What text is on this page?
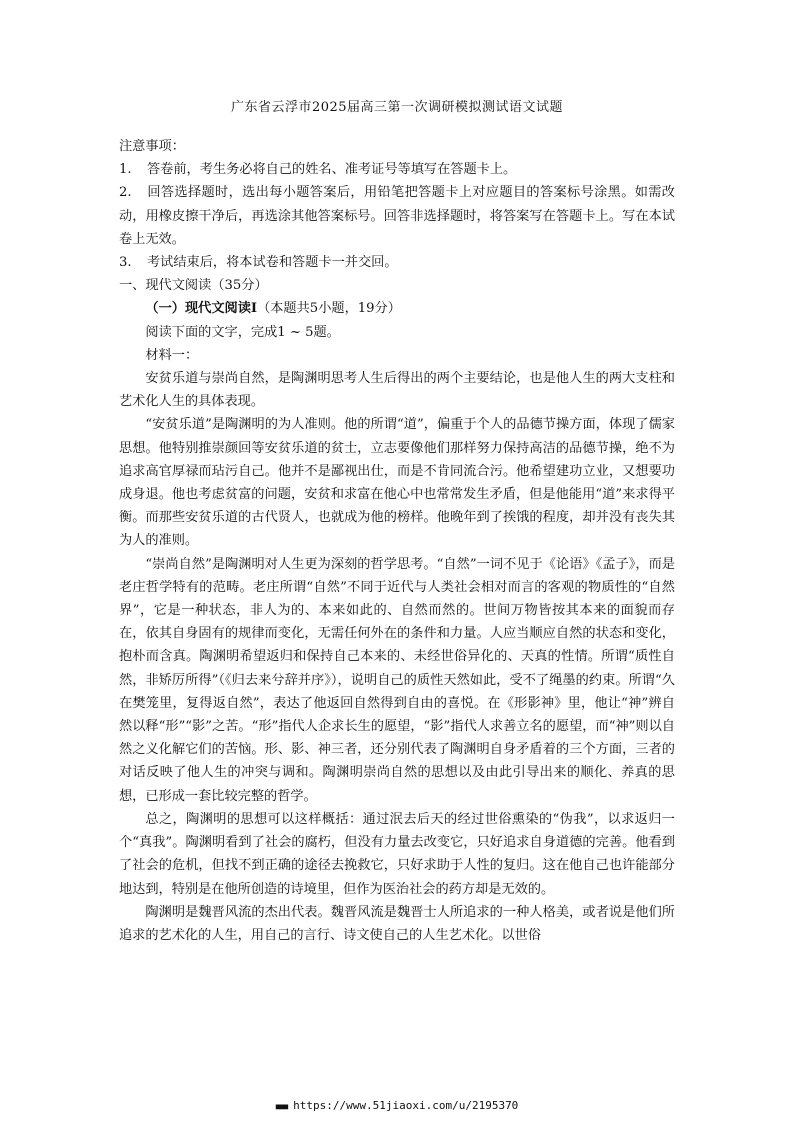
广东省云浮市2025届高三第一次调研模拟测试语文试题

注意事项：

1. 答卷前，考生务必将自己的姓名、准考证号等填写在答题卡上。

2. 回答选择题时，选出每小题答案后，用铅笔把答题卡上对应题目的答案标号涂黑。如需改动，用橡皮擦干净后，再选涂其他答案标号。回答非选择题时，将答案写在答题卡上。写在本试卷上无效。

3. 考试结束后，将本试卷和答题卡一并交回。

一、现代文阅读（35分）

（一）现代文阅读Ⅰ（本题共5小题，19分）

阅读下面的文字，完成1 ~ 5题。

材料一：

安贫乐道与崇尚自然，是陶渊明思考人生后得出的两个主要结论，也是他人生的两大支柱和艺术化人生的具体表现。

“安贫乐道”是陶渊明的为人准则。他的所谓“道”，偏重于个人的品德节操方面，体现了儒家思想。他特别推崇颜回等安贫乐道的贫士，立志要像他们那样努力保持高洁的品德节操，绝不为追求高官厚禄而玷污自己。他并不是鄙视出仕，而是不肯同流合污。他希望建功立业，又想要功成身退。他也考虑贫富的问题，安贫和求富在他心中也常常发生矛盾，但是他能用“道”来求得平衡。而那些安贫乐道的古代贤人，也就成为他的榜样。他晚年到了挨饿的程度，却并没有丧失其为人的准则。

“崇尚自然”是陶渊明对人生更为深刻的哲学思考。“自然”一词不见于《论语》《孟子》，而是老庄哲学特有的范畴。老庄所谓“自然”不同于近代与人类社会相对而言的客观的物质性的“自然界”，它是一种状态，非人为的、本来如此的、自然而然的。世间万物皆按其本来的面貌而存在，依其自身固有的规律而变化，无需任何外在的条件和力量。人应当顺应自然的状态和变化，抱朴而含真。陶渊明希望返归和保持自己本来的、未经世俗异化的、天真的性情。所谓“质性自然，非矫厉所得”（《归去来兮辞并序》），说明自己的质性天然如此，受不了绳墨的约束。所谓“久在樊笼里，复得返自然”，表达了他返回自然得到自由的喜悦。在《形影神》里，他让“神”辨自然以释“形”“影”之苦。“形”指代人企求长生的愿望，“影”指代人求善立名的愿望，而“神”则以自然之义化解它们的苦恼。形、影、神三者，还分别代表了陶渊明自身矛盾着的三个方面，三者的对话反映了他人生的冲突与调和。陶渊明崇尚自然的思想以及由此引导出来的顺化、养真的思想，已形成一套比较完整的哲学。

总之，陶渊明的思想可以这样概括：通过泯去后天的经过世俗熏染的“伪我”，以求返归一个“真我”。陶渊明看到了社会的腐朽，但没有力量去改变它，只好追求自身道德的完善。他看到了社会的危机，但找不到正确的途径去挽救它，只好求助于人性的复归。这在他自己也许能部分地达到，特别是在他所创造的诗境里，但作为医治社会的药方却是无效的。

陶渊明是魏晋风流的杰出代表。魏晋风流是魏晋士人所追求的一种人格美，或者说是他们所追求的艺术化的人生，用自己的言行、诗文使自己的人生艺术化。以世俗

■■■ https://www.51jiaoxi.com/u/2195370
